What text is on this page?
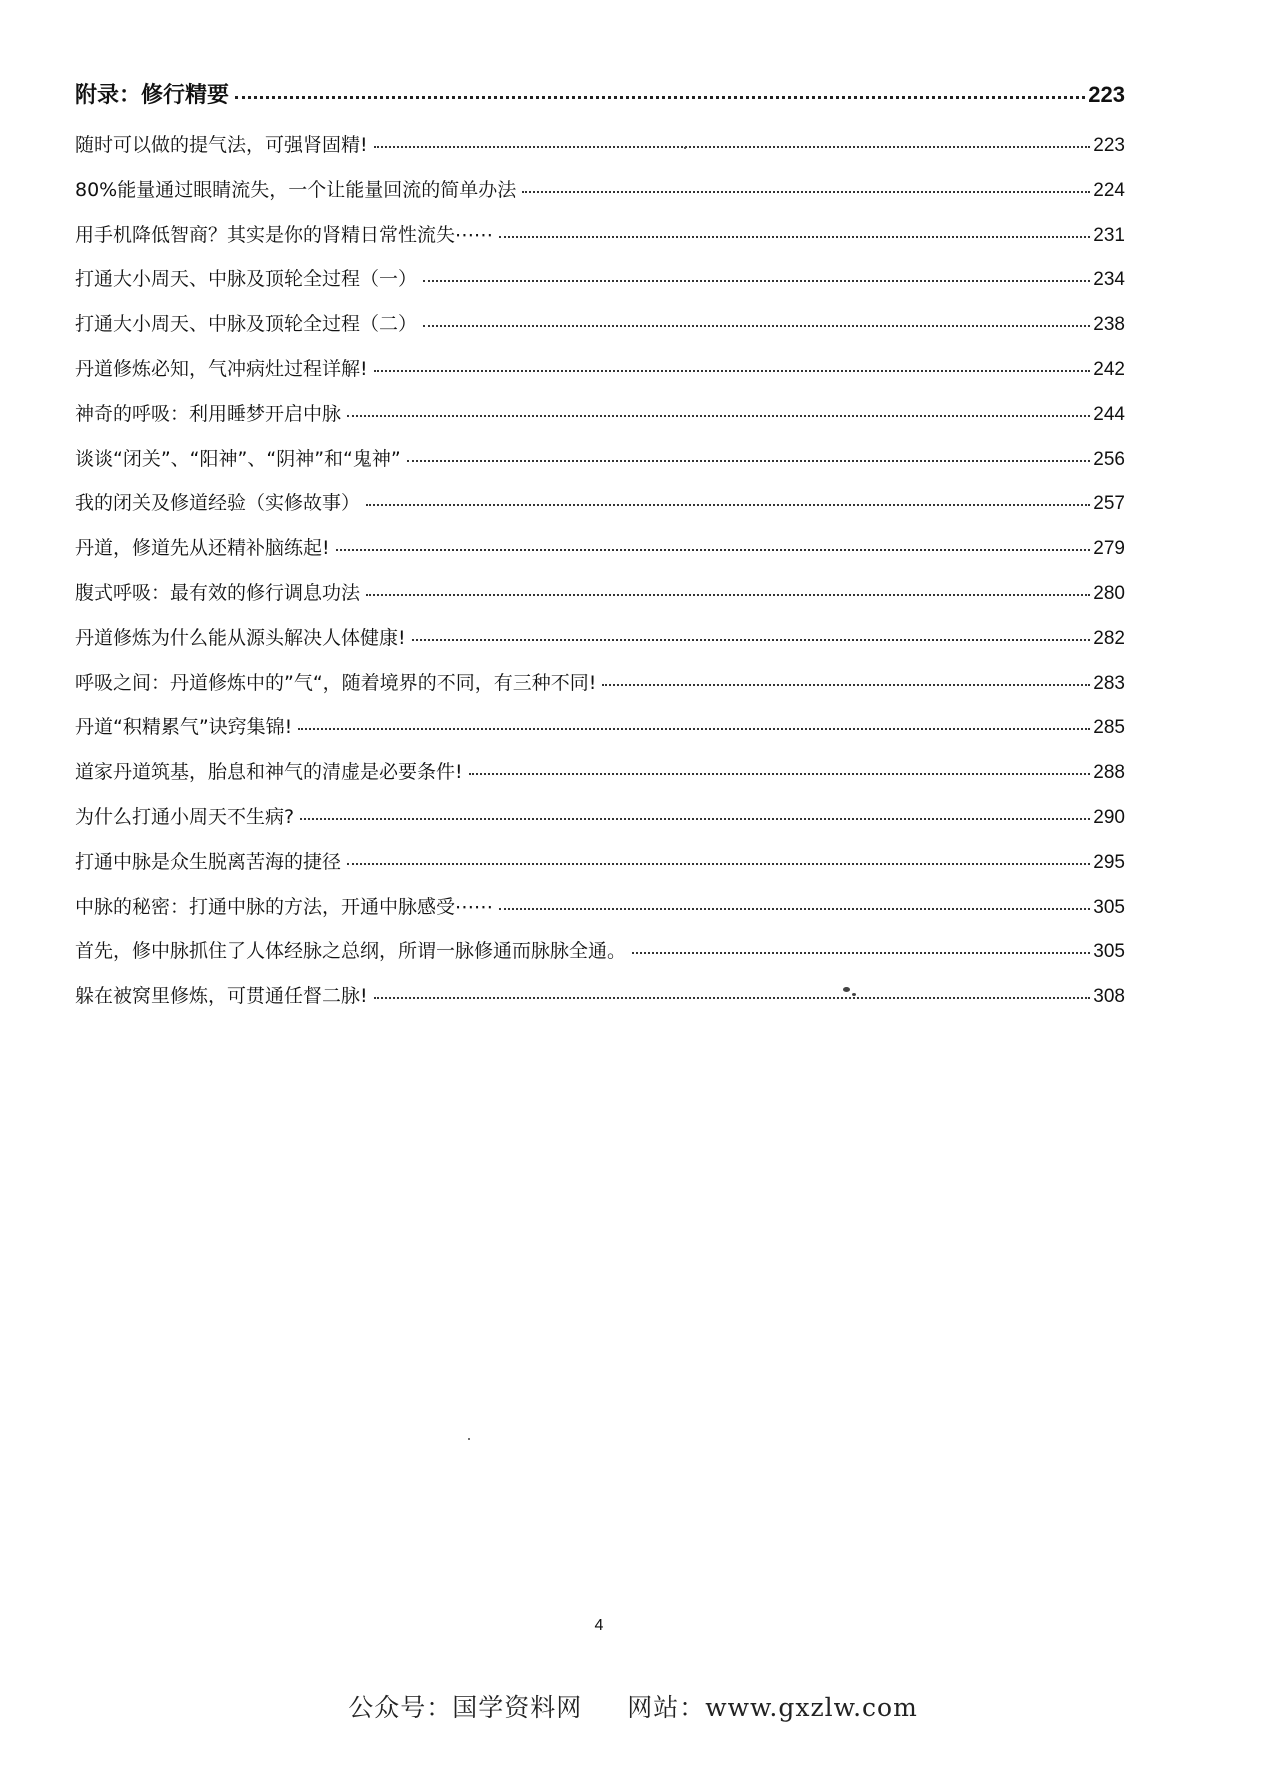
附录：修行精要	223
随时可以做的提气法，可强肾固精!	223
80%能量通过眼睛流失，一个让能量回流的简单办法	224
用手机降低智商？其实是你的肾精日常性流失⋯⋯	231
打通大小周天、中脉及顶轮全过程（一）	234
打通大小周天、中脉及顶轮全过程（二）	238
丹道修炼必知，气冲病灶过程详解!	242
神奇的呼吸：利用睡梦开启中脉	244
谈谈“闭关”、“阳神”、“阴神”和“鬼神”	256
我的闭关及修道经验（实修故事）	257
丹道，修道先从还精补脑练起!	279
腹式呼吸：最有效的修行调息功法	280
丹道修炼为什么能从源头解决人体健康!	282
呼吸之间：丹道修炼中的”气“，随着境界的不同，有三种不同!	283
丹道“积精累气”诀窍集锦!	285
道家丹道筑基，胎息和神气的清虚是必要条件!	288
为什么打通小周天不生病?	290
打通中脉是众生脱离苦海的捷径	295
中脉的秘密：打通中脉的方法，开通中脉感受⋯⋯	305
首先，修中脉抓住了人体经脉之总纲，所谓一脉修通而脉脉全通。	305
躲在被窝里修炼，可贯通任督二脉!	308
4
公众号：国学资料网 网站：www.gxzlw.com
